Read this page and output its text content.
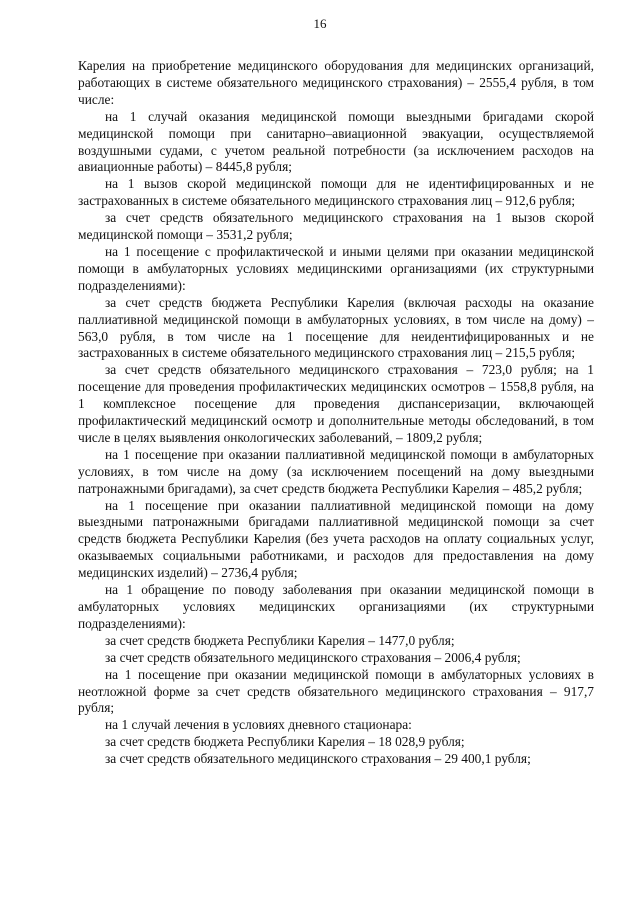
16

Карелия на приобретение медицинского оборудования для медицинских организаций, работающих в системе обязательного медицинского страхования) – 2555,4 рубля, в том числе:

на 1 случай оказания медицинской помощи выездными бригадами скорой медицинской помощи при санитарно–авиационной эвакуации, осуществляемой воздушными судами, с учетом реальной потребности (за исключением расходов на авиационные работы) – 8445,8 рубля;

на 1 вызов скорой медицинской помощи для не идентифицированных и не застрахованных в системе обязательного медицинского страхования лиц – 912,6 рубля;

за счет средств обязательного медицинского страхования на 1 вызов скорой медицинской помощи – 3531,2 рубля;

на 1 посещение с профилактической и иными целями при оказании медицинской помощи в амбулаторных условиях медицинскими организациями (их структурными подразделениями):

за счет средств бюджета Республики Карелия (включая расходы на оказание паллиативной медицинской помощи в амбулаторных условиях, в том числе на дому) – 563,0 рубля, в том числе на 1 посещение для неидентифицированных и не застрахованных в системе обязательного медицинского страхования лиц – 215,5 рубля;

за счет средств обязательного медицинского страхования – 723,0 рубля; на 1 посещение для проведения профилактических медицинских осмотров – 1558,8 рубля, на 1 комплексное посещение для проведения диспансеризации, включающей профилактический медицинский осмотр и дополнительные методы обследований, в том числе в целях выявления онкологических заболеваний, – 1809,2 рубля;

на 1 посещение при оказании паллиативной медицинской помощи в амбулаторных условиях, в том числе на дому (за исключением посещений на дому выездными патронажными бригадами), за счет средств бюджета Республики Карелия – 485,2 рубля;

на 1 посещение при оказании паллиативной медицинской помощи на дому выездными патронажными бригадами паллиативной медицинской помощи за счет средств бюджета Республики Карелия (без учета расходов на оплату социальных услуг, оказываемых социальными работниками, и расходов для предоставления на дому медицинских изделий) – 2736,4 рубля;

на 1 обращение по поводу заболевания при оказании медицинской помощи в амбулаторных условиях медицинских организациями (их структурными подразделениями):

за счет средств бюджета Республики Карелия – 1477,0 рубля;

за счет средств обязательного медицинского страхования – 2006,4 рубля;

на 1 посещение при оказании медицинской помощи в амбулаторных условиях в неотложной форме за счет средств обязательного медицинского страхования – 917,7 рубля;

на 1 случай лечения в условиях дневного стационара:

за счет средств бюджета Республики Карелия – 18 028,9 рубля;

за счет средств обязательного медицинского страхования – 29 400,1 рубля;
